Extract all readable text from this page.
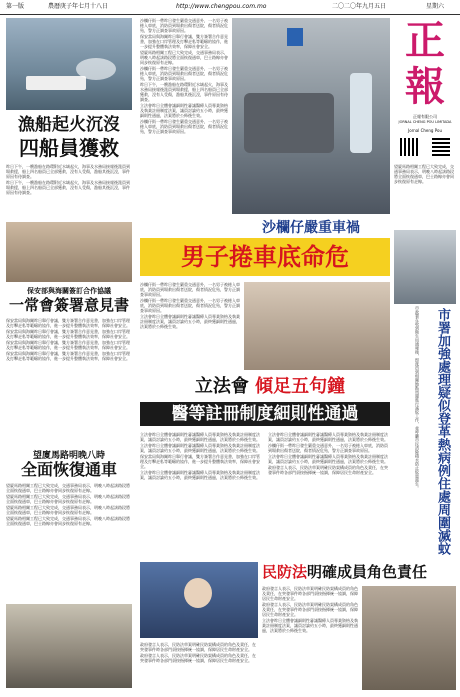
第一版	農曆庚子年七月十八日	http://www.chengpou.com.mo	二〇二〇年九月五日	星期六
漁船起火沉沒
四船員獲救

昨日下午，一艘漁船在路環附近水域起火，海事及水務局接報後派員到場救援，船上四名船員已全部獲救，沒有人受傷，漁船其後沉沒，事件原因有待調查。

昨日下午，一艘漁船在路環附近水域起火，海事及水務局接報後派員到場救援，船上四名船員已全部獲救，沒有人受傷，漁船其後沉沒，事件原因有待調查。

保安部與海關簽訂合作協議
一常會簽署意見書

保安當局與海關昨日舉行會議，雙方簽署合作意見書，加強在口岸管理及打擊走私等範疇的協作，進一步提升整體執法效率，保障社會安全。

保安當局與海關昨日舉行會議，雙方簽署合作意見書，加強在口岸管理及打擊走私等範疇的協作，進一步提升整體執法效率，保障社會安全。

保安當局與海關昨日舉行會議，雙方簽署合作意見書，加強在口岸管理及打擊走私等範疇的協作，進一步提升整體執法效率，保障社會安全。

保安當局與海關昨日舉行會議，雙方簽署合作意見書，加強在口岸管理及打擊走私等範疇的協作，進一步提升整體執法效率，保障社會安全。

望廈馬路明晚八時
全面恢復通車

望廈馬路相關工程已大致完成，交通事務局表示，明晚八時起該路段將全面恢復通車，巴士路線亦會同步恢復原有走線。

望廈馬路相關工程已大致完成，交通事務局表示，明晚八時起該路段將全面恢復通車，巴士路線亦會同步恢復原有走線。

望廈馬路相關工程已大致完成，交通事務局表示，明晚八時起該路段將全面恢復通車，巴士路線亦會同步恢復原有走線。

望廈馬路相關工程已大致完成，交通事務局表示，明晚八時起該路段將全面恢復通車，巴士路線亦會同步恢復原有走線。

沙欄仔街一帶昨日發生嚴重交通意外，一名男子被捲入車底，消防員到場救出傷者送院，傷者情況危殆，警方正調查事故原因。

保安當局與海關昨日舉行會議，雙方簽署合作意見書，加強在口岸管理及打擊走私等範疇的協作，進一步提升整體執法效率，保障社會安全。

望廈馬路相關工程已大致完成，交通事務局表示，明晚八時起該路段將全面恢復通車，巴士路線亦會同步恢復原有走線。

沙欄仔街一帶昨日發生嚴重交通意外，一名男子被捲入車底，消防員到場救出傷者送院，傷者情況危殆，警方正調查事故原因。

昨日下午，一艘漁船在路環附近水域起火，海事及水務局接報後派員到場救援，船上四名船員已全部獲救，沒有人受傷，漁船其後沉沒，事件原因有待調查。

立法會昨日全體會議細則性審議醫療人員專業資格及執業註冊制度法案，議員討論約五小時，最終獲細則性通過，法案將於公佈後生效。

沙欄仔街一帶昨日發生嚴重交通意外，一名男子被捲入車底，消防員到場救出傷者送院，傷者情況危殆，警方正調查事故原因。

沙欄仔嚴重車禍
男子捲車底命危

沙欄仔街一帶昨日發生嚴重交通意外，一名男子被捲入車底，消防員到場救出傷者送院，傷者情況危殆，警方正調查事故原因。

沙欄仔街一帶昨日發生嚴重交通意外，一名男子被捲入車底，消防員到場救出傷者送院，傷者情況危殆，警方正調查事故原因。

立法會昨日全體會議細則性審議醫療人員專業資格及執業註冊制度法案，議員討論約五小時，最終獲細則性通過，法案將於公佈後生效。

立法會 傾足五句鐘
醫等註冊制度細則性通過

立法會昨日全體會議細則性審議醫療人員專業資格及執業註冊制度法案，議員討論約五小時，最終獲細則性通過，法案將於公佈後生效。

立法會昨日全體會議細則性審議醫療人員專業資格及執業註冊制度法案，議員討論約五小時，最終獲細則性通過，法案將於公佈後生效。

保安當局與海關昨日舉行會議，雙方簽署合作意見書，加強在口岸管理及打擊走私等範疇的協作，進一步提升整體執法效率，保障社會安全。

立法會昨日全體會議細則性審議醫療人員專業資格及執業註冊制度法案，議員討論約五小時，最終獲細則性通過，法案將於公佈後生效。

立法會昨日全體會議細則性審議醫療人員專業資格及執業註冊制度法案，議員討論約五小時，最終獲細則性通過，法案將於公佈後生效。

沙欄仔街一帶昨日發生嚴重交通意外，一名男子被捲入車底，消防員到場救出傷者送院，傷者情況危殆，警方正調查事故原因。

立法會昨日全體會議細則性審議醫療人員專業資格及執業註冊制度法案，議員討論約五小時，最終獲細則性通過，法案將於公佈後生效。

政府發言人表示，民防法草案明確民防架構成員的角色及責任，在突發事件時各部門須按指揮統一協調，保障居民生命財產安全。

政府發言人表示，民防法草案明確民防架構成員的角色及責任，在突發事件時各部門須按指揮統一協調，保障居民生命財產安全。

政府發言人表示，民防法草案明確民防架構成員的角色及責任，在突發事件時各部門須按指揮統一協調，保障居民生命財產安全。

民防法明確成員角色責任

政府發言人表示，民防法草案明確民防架構成員的角色及責任，在突發事件時各部門須按指揮統一協調，保障居民生命財產安全。

政府發言人表示，民防法草案明確民防架構成員的角色及責任，在突發事件時各部門須按指揮統一協調，保障居民生命財產安全。

立法會昨日全體會議細則性審議醫療人員專業資格及執業註冊制度法案，議員討論約五小時，最終獲細則性通過，法案將於公佈後生效。

正
報
正報有限公司
JORNAL CHENG POU LIMITADA
Jornal Cheng Pou

望廈馬路相關工程已大致完成，交通事務局表示，明晚八時起該路段將全面恢復通車，巴士路線亦會同步恢復原有走線。

市署加強處理疑似登革熱病例住處周圍滅蚊
市政署在收到衛生局通報後，即派員到相關地點周邊進行滅蚊工作，並呼籲市民清除積水防止蚊患滋生。
